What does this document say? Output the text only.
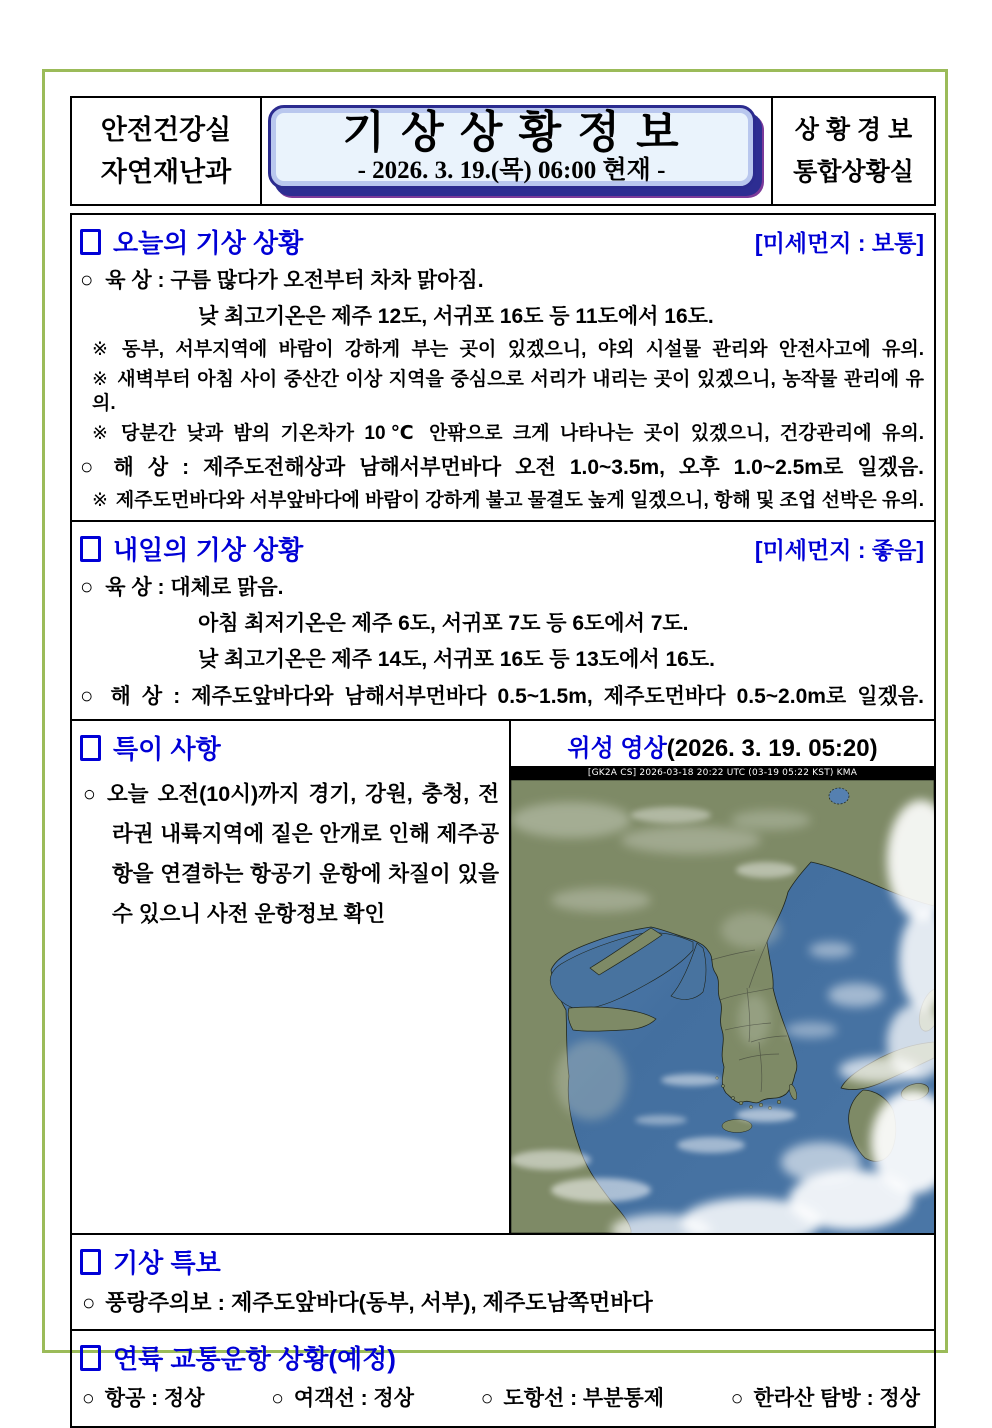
안전건강실
자연재난과
기 상 상 황 정 보
- 2026. 3. 19.(목) 06:00 현재 -
상 황 경 보
통합상황실
오늘의 기상 상황	[미세먼지 : 보통]
○ 육 상 : 구름 많다가 오전부터 차차 맑아짐.
낮 최고기온은 제주 12도, 서귀포 16도 등 11도에서 16도.
※ 동부, 서부지역에 바람이 강하게 부는 곳이 있겠으니, 야외 시설물 관리와 안전사고에 유의.
※ 새벽부터 아침 사이 중산간 이상 지역을 중심으로 서리가 내리는 곳이 있겠으니, 농작물 관리에 유의.
※ 당분간 낮과 밤의 기온차가 10℃ 안팎으로 크게 나타나는 곳이 있겠으니, 건강관리에 유의.
○ 해 상 : 제주도전해상과 남해서부먼바다 오전 1.0~3.5m, 오후 1.0~2.5m로 일겠음.
※ 제주도먼바다와 서부앞바다에 바람이 강하게 불고 물결도 높게 일겠으니, 항해 및 조업 선박은 유의.
내일의 기상 상황	[미세먼지 : 좋음]
○ 육 상 : 대체로 맑음.
아침 최저기온은 제주 6도, 서귀포 7도 등 6도에서 7도.
낮 최고기온은 제주 14도, 서귀포 16도 등 13도에서 16도.
○ 해 상 : 제주도앞바다와 남해서부먼바다 0.5~1.5m, 제주도먼바다 0.5~2.0m로 일겠음.
특이 사항
○ 오늘 오전(10시)까지 경기, 강원, 충청, 전라권 내륙지역에 짙은 안개로 인해 제주공항을 연결하는 항공기 운항에 차질이 있을 수 있으니 사전 운항정보 확인
위성 영상(2026. 3. 19. 05:20)
[GK2A CS] 2026-03-18 20:22 UTC (03-19 05:22 KST) KMA
기상 특보
○ 풍랑주의보 : 제주도앞바다(동부, 서부), 제주도남쪽먼바다
연륙 교통운항 상황(예정)
○ 항공 : 정상	○ 여객선 : 정상	○ 도항선 : 부분통제	○ 한라산 탐방 : 정상
